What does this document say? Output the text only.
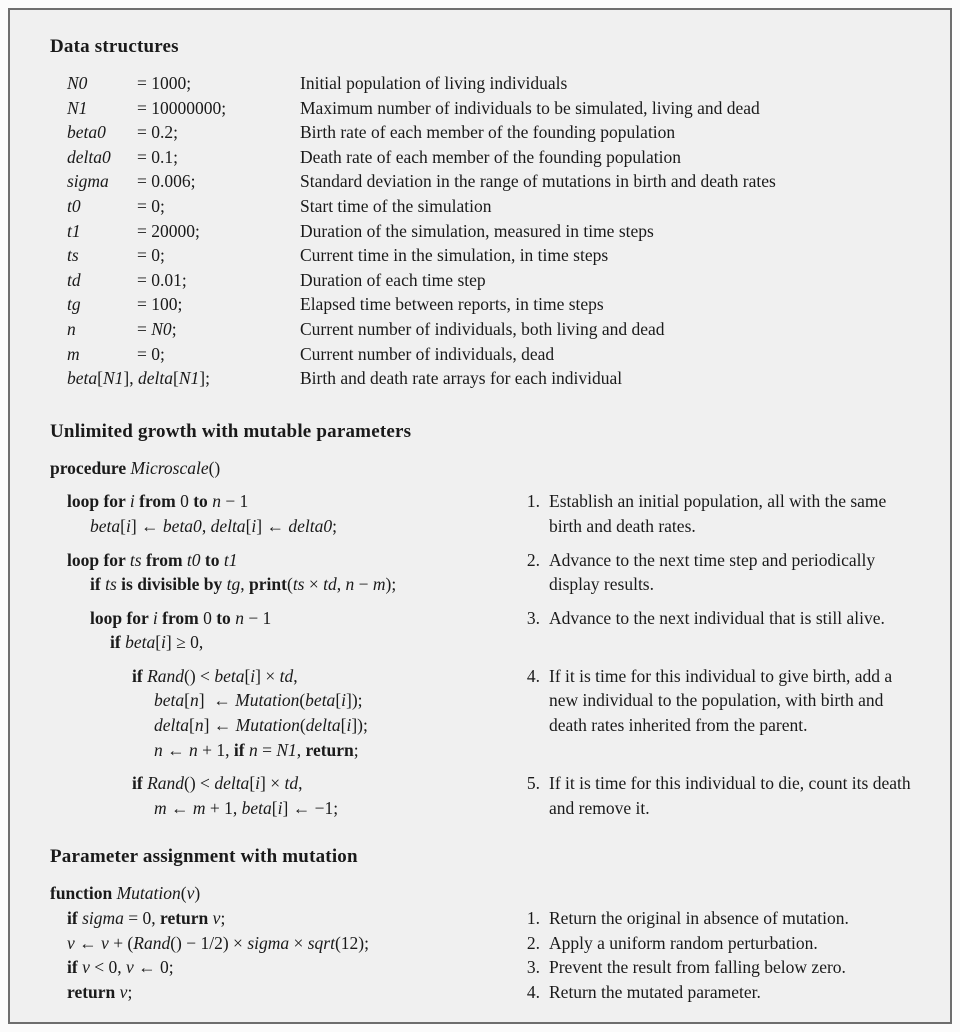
Data structures
N0	= 1000;	Initial population of living individuals
N1	= 10000000;	Maximum number of individuals to be simulated, living and dead
beta0	= 0.2;	Birth rate of each member of the founding population
delta0	= 0.1;	Death rate of each member of the founding population
sigma	= 0.006;	Standard deviation in the range of mutations in birth and death rates
t0	= 0;	Start time of the simulation
t1	= 20000;	Duration of the simulation, measured in time steps
ts	= 0;	Current time in the simulation, in time steps
td	= 0.01;	Duration of each time step
tg	= 100;	Elapsed time between reports, in time steps
n	= N0;	Current number of individuals, both living and dead
m	= 0;	Current number of individuals, dead
beta[N1], delta[N1];	Birth and death rate arrays for each individual
Unlimited growth with mutable parameters
procedure Microscale()
loop for i from 0 to n − 1
beta[i] ← beta0, delta[i] ← delta0;
1. Establish an initial population, all with the same birth and death rates.
loop for ts from t0 to t1
if ts is divisible by tg, print(ts × td, n − m);
2. Advance to the next time step and periodically display results.
loop for i from 0 to n − 1
if beta[i] ≥ 0,
3. Advance to the next individual that is still alive.
if Rand() < beta[i] × td,
beta[n]  ← Mutation(beta[i]);
delta[n] ← Mutation(delta[i]);
n ← n + 1, if n = N1, return;
4. If it is time for this individual to give birth, add a new individual to the population, with birth and death rates inherited from the parent.
if Rand() < delta[i] × td,
m ← m + 1, beta[i] ← −1;
5. If it is time for this individual to die, count its death and remove it.
Parameter assignment with mutation
function Mutation(v)
if sigma = 0, return v;	1. Return the original in absence of mutation.
v ← v + (Rand() − 1/2) × sigma × sqrt(12);	2. Apply a uniform random perturbation.
if v < 0, v ← 0;	3. Prevent the result from falling below zero.
return v;	4. Return the mutated parameter.
